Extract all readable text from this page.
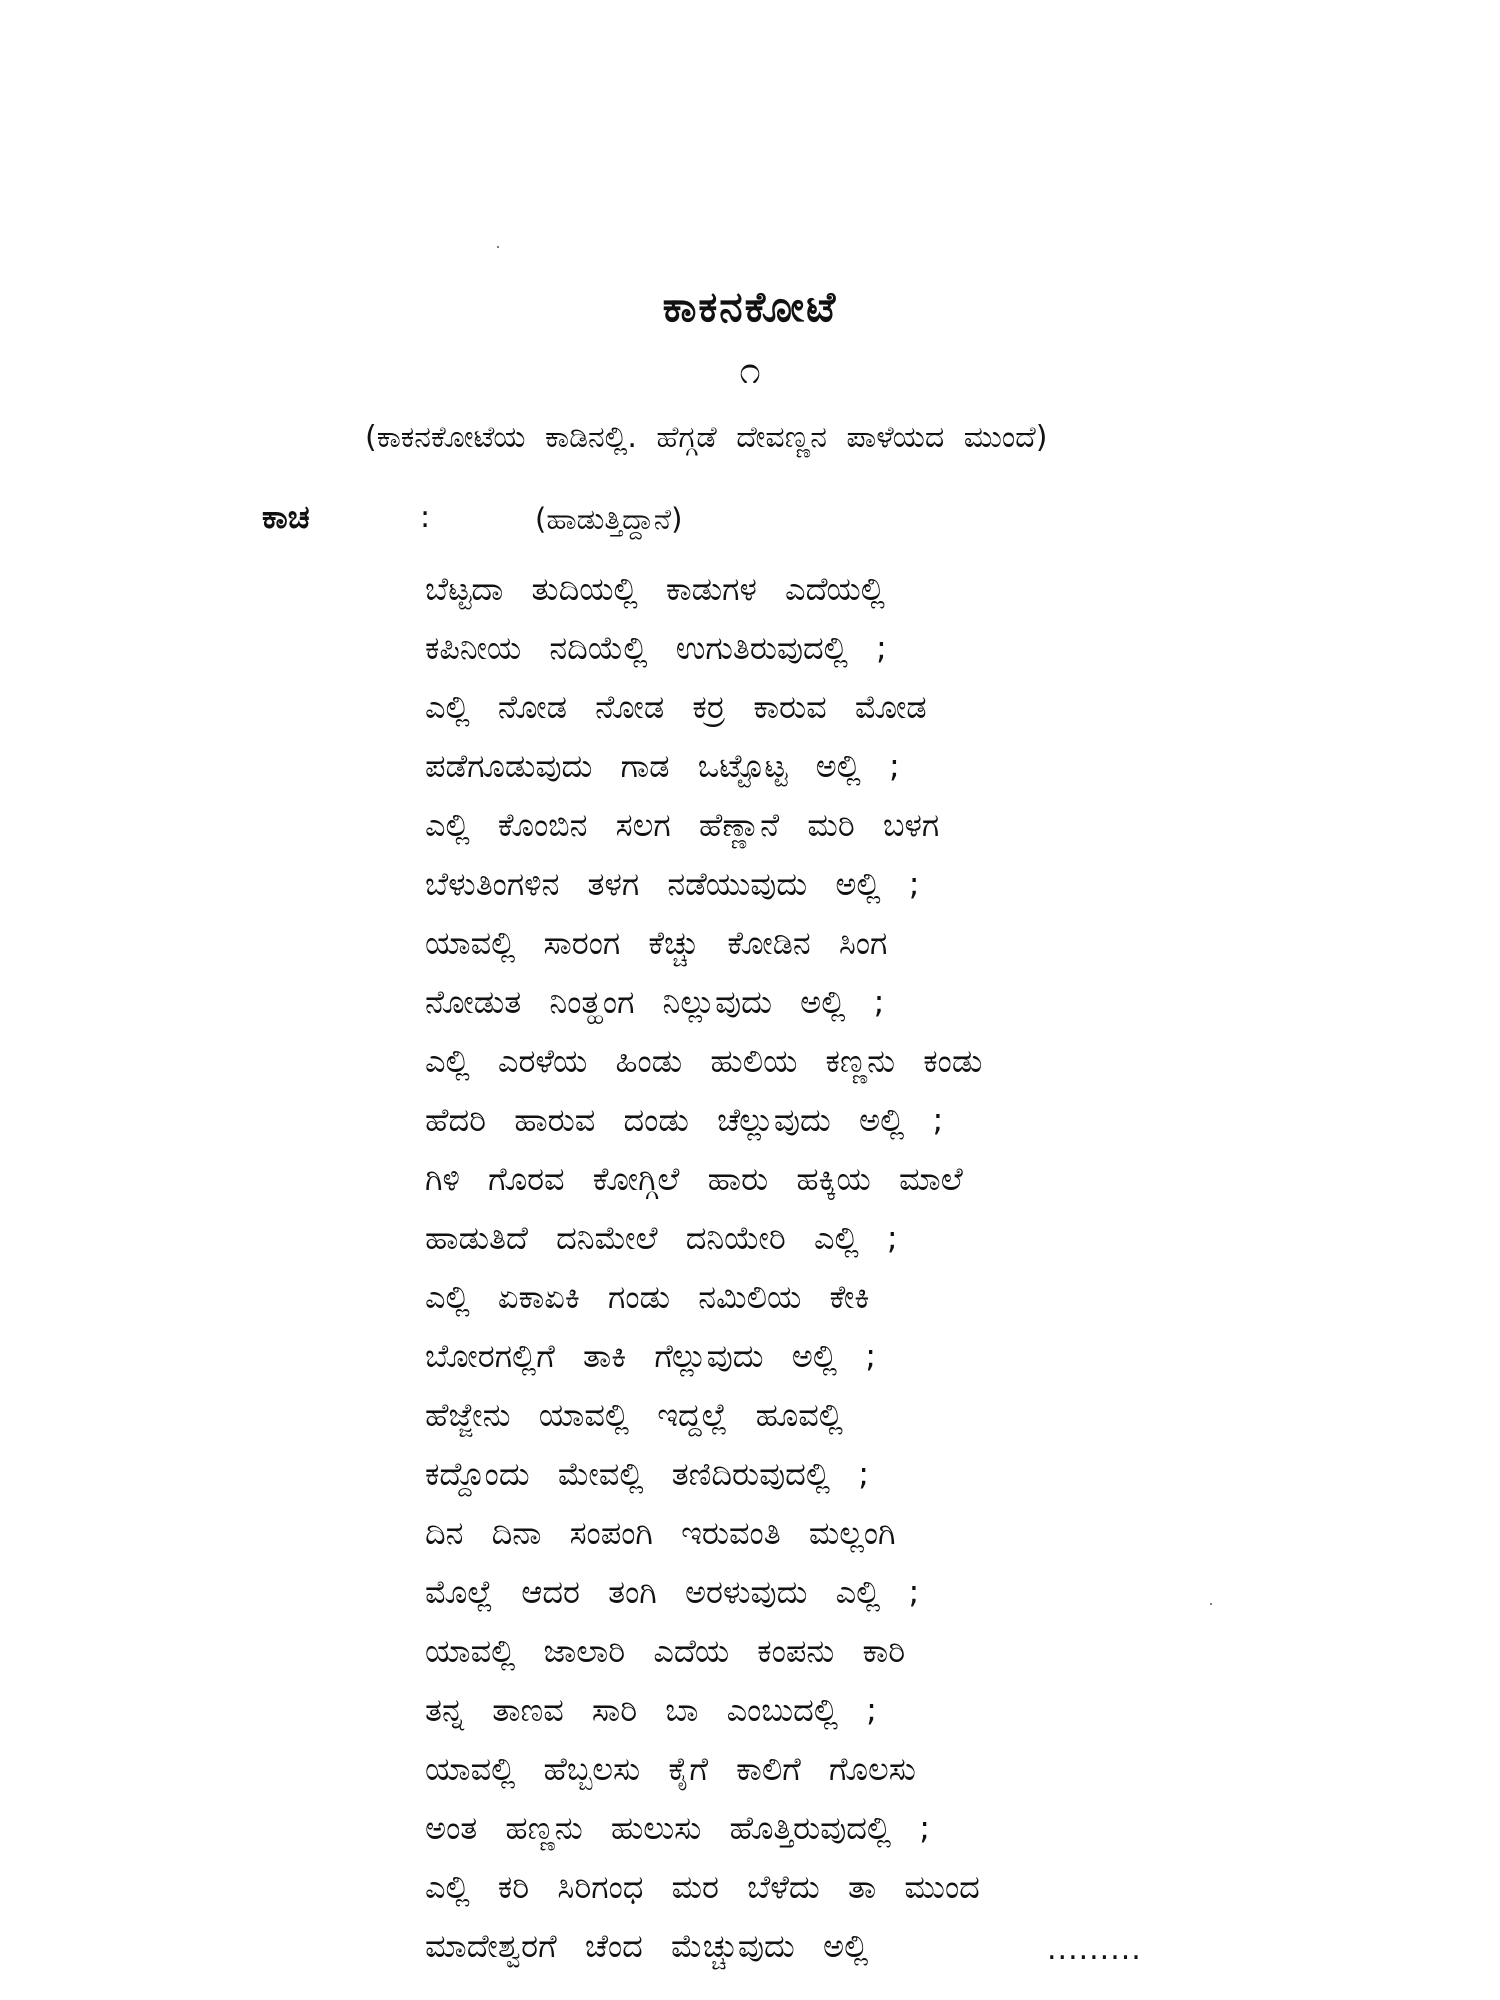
ಕಾಕನಕೋಟೆ
೧
(ಕಾಕನಕೋಟೆಯ ಕಾಡಿನಲ್ಲಿ. ಹೆಗ್ಗಡೆ ದೇವಣ್ಣನ ಪಾಳೆಯದ ಮುಂದೆ)
ಕಾಚ	:	(ಹಾಡುತ್ತಿದ್ದಾನೆ)
ಬೆಟ್ಟದಾ ತುದಿಯಲ್ಲಿ ಕಾಡುಗಳ ಎದೆಯಲ್ಲಿ
ಕಪಿನೀಯ ನದಿಯೆಲ್ಲಿ ಉಗುತಿರುವುದಲ್ಲಿ ;
ಎಲ್ಲಿ ನೋಡ ನೋಡ ಕರ್‍ರ ಕಾರುವ ಮೋಡ
ಪಡೆಗೂಡುವುದು ಗಾಡ ಒಟ್ಟೊಟ್ಟ ಅಲ್ಲಿ ;
ಎಲ್ಲಿ ಕೊಂಬಿನ ಸಲಗ ಹೆಣ್ಣಾನೆ ಮರಿ ಬಳಗ
ಬೆಳುತಿಂಗಳಿನ ತಳಗ ನಡೆಯುವುದು ಅಲ್ಲಿ ;
ಯಾವಲ್ಲಿ ಸಾರಂಗ ಕೆಚ್ಚು ಕೋಡಿನ ಸಿಂಗ
ನೋಡುತ ನಿಂತ್ಹಂಗ ನಿಲ್ಲುವುದು ಅಲ್ಲಿ ;
ಎಲ್ಲಿ ಎರಳೆಯ ಹಿಂಡು ಹುಲಿಯ ಕಣ್ಣನು ಕಂಡು
ಹೆದರಿ ಹಾರುವ ದಂಡು ಚೆಲ್ಲುವುದು ಅಲ್ಲಿ ;
ಗಿಳಿ ಗೊರವ ಕೋಗ್ಗಿಲೆ ಹಾರು ಹಕ್ಕಿಯ ಮಾಲೆ
ಹಾಡುತಿದೆ ದನಿಮೇಲೆ ದನಿಯೇರಿ ಎಲ್ಲಿ ;
ಎಲ್ಲಿ ಏಕಾಏಕಿ ಗಂಡು ನಮಿಲಿಯ ಕೇಕಿ
ಬೋರಗಲ್ಲಿಗೆ ತಾಕಿ ಗೆಲ್ಲುವುದು ಅಲ್ಲಿ ;
ಹೆಜ್ಜೇನು ಯಾವಲ್ಲಿ ಇದ್ದಲ್ಲೆ ಹೂವಲ್ಲಿ
ಕದ್ದೊಂದು ಮೇವಲ್ಲಿ ತಣಿದಿರುವುದಲ್ಲಿ ;
ದಿನ ದಿನಾ ಸಂಪಂಗಿ ಇರುವಂತಿ ಮಲ್ಲಂಗಿ
ಮೊಲ್ಲೆ ಆದರ ತಂಗಿ ಅರಳುವುದು ಎಲ್ಲಿ ;
ಯಾವಲ್ಲಿ ಜಾಲಾರಿ ಎದೆಯ ಕಂಪನು ಕಾರಿ
ತನ್ನ ತಾಣವ ಸಾರಿ ಬಾ ಎಂಬುದಲ್ಲಿ ;
ಯಾವಲ್ಲಿ ಹೆಬ್ಬಲಸು ಕೈಗೆ ಕಾಲಿಗೆ ಗೊಲಸು
ಅಂತ ಹಣ್ಣನು ಹುಲುಸು ಹೊತ್ತಿರುವುದಲ್ಲಿ ;
ಎಲ್ಲಿ ಕರಿ ಸಿರಿಗಂಧ ಮರ ಬೆಳೆದು ತಾ ಮುಂದ
ಮಾದೇಶ್ವರಗೆ ಚೆಂದ ಮೆಚ್ಚುವುದು ಅಲ್ಲಿ	.........
